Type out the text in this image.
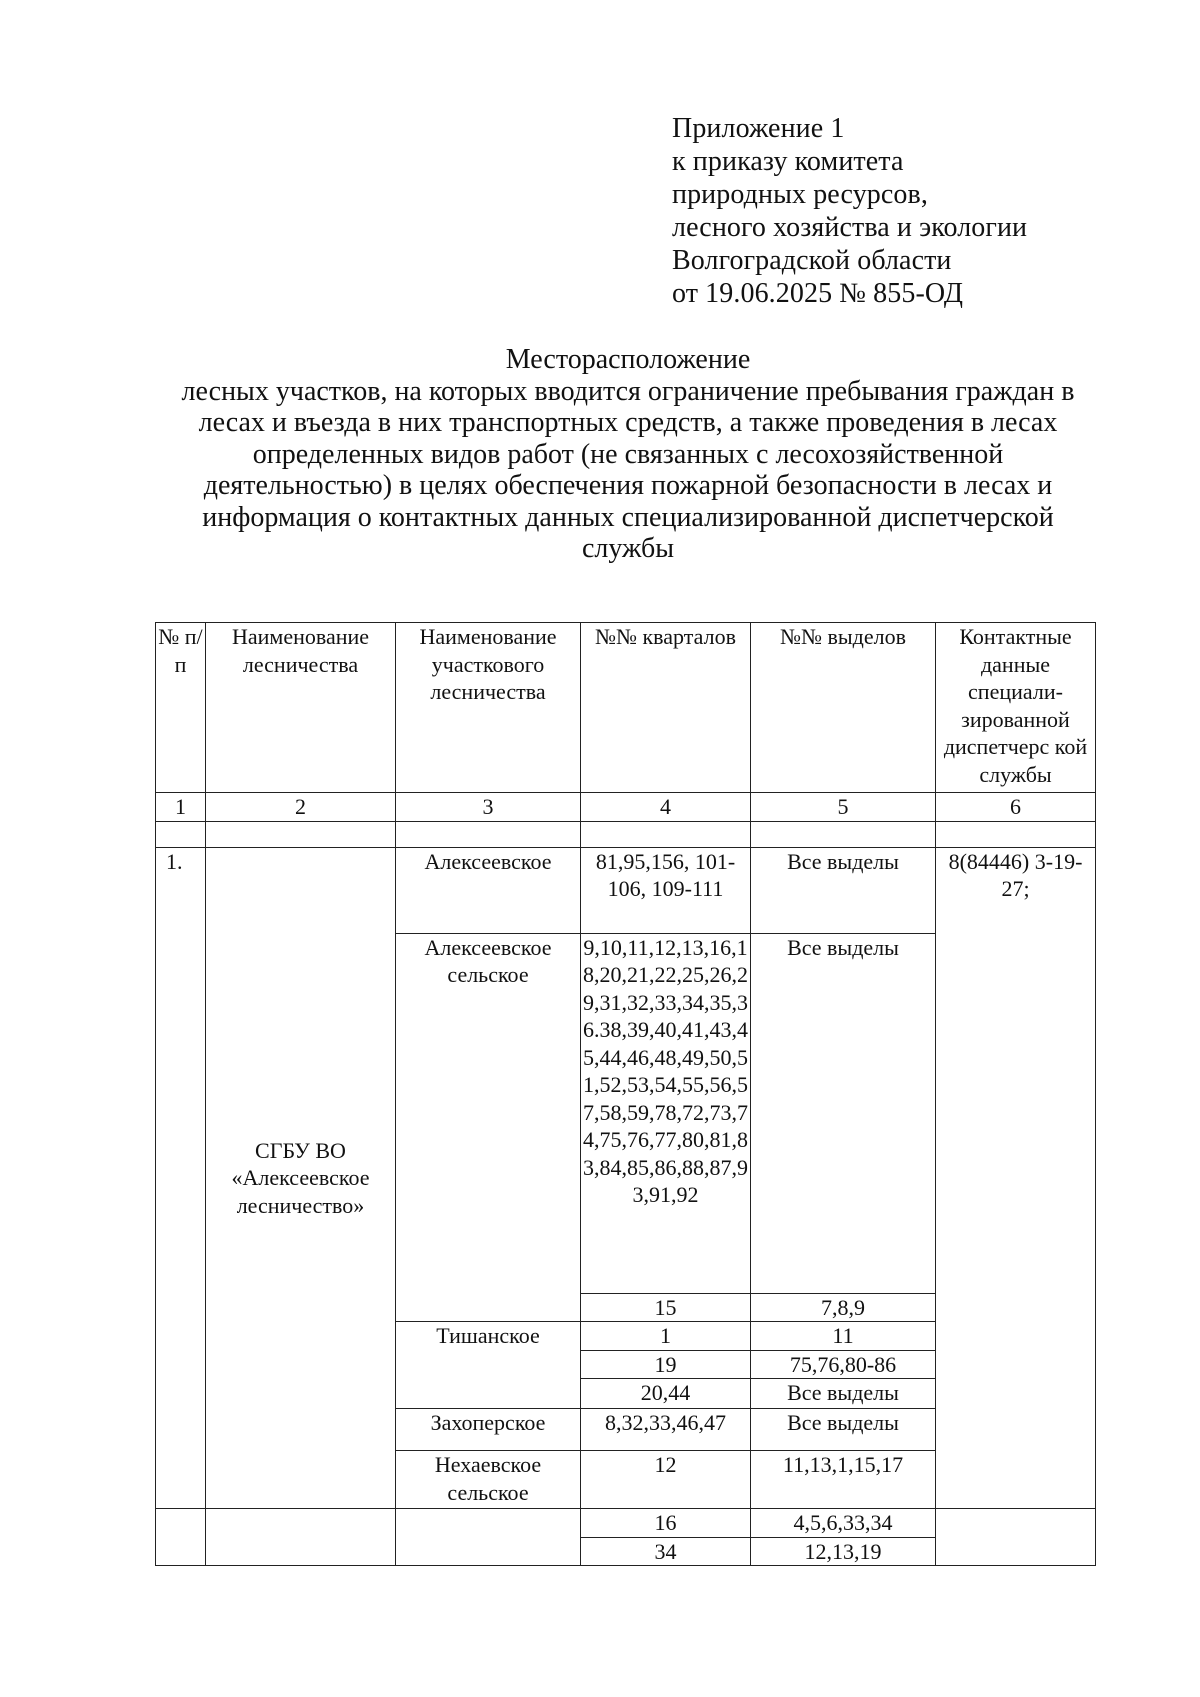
Приложение 1
к приказу комитета
природных ресурсов,
лесного хозяйства и экологии
Волгоградской области
от 19.06.2025 № 855-ОД
Месторасположение
лесных участков, на которых вводится ограничение пребывания граждан в
лесах и въезда в них транспортных средств, а также проведения в лесах
определенных видов работ (не связанных с лесохозяйственной
деятельностью) в целях обеспечения пожарной безопасности в лесах и
информация о контактных данных специализированной диспетчерской
службы
№ п/п	Наименование лесничества	Наименование участкового лесничества	№№ кварталов	№№ выделов	Контактные данные специали-зированной диспетчерс кой службы
1	2	3	4	5	6

1.	СГБУ ВО «Алексеевское лесничество»	Алексеевское	81,95,156, 101-106, 109-111	Все выделы	8(84446) 3-19-27;
		Алексеевское сельское	9,10,11,12,13,16,18,20,21,22,25,26,29,31,32,33,34,35,36.38,39,40,41,43,45,44,46,48,49,50,51,52,53,54,55,56,57,58,59,78,72,73,74,75,76,77,80,81,83,84,85,86,88,87,93,91,92	Все выделы	
			15	7,8,9	
		Тишанское	1	11	
			19	75,76,80-86	
			20,44	Все выделы	
		Захоперское	8,32,33,46,47	Все выделы	
		Нехаевское сельское	12	11,13,1,15,17	
			16	4,5,6,33,34	
			34	12,13,19	
